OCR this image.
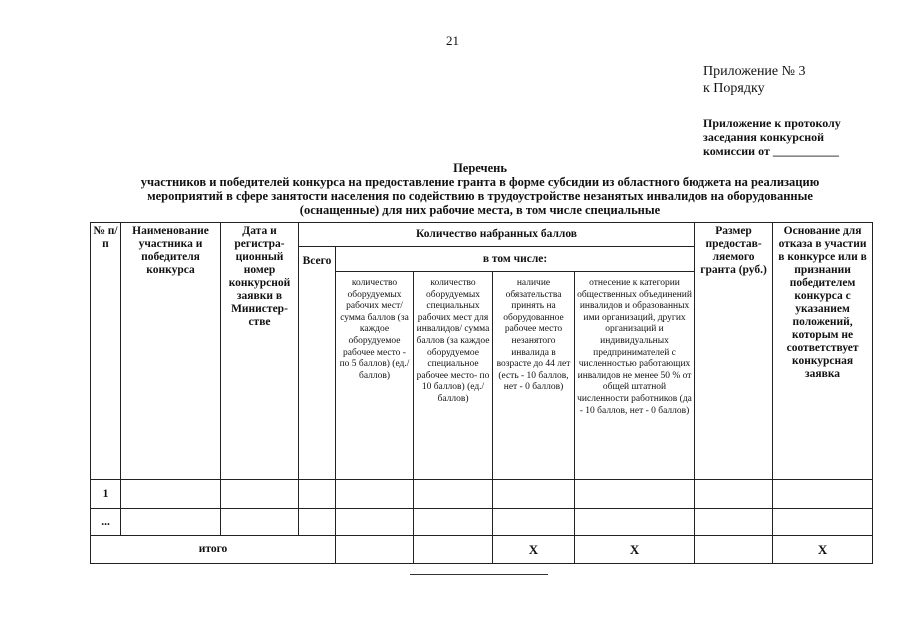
21
Приложение № 3
к Порядку
Приложение к протоколу
заседания конкурсной
комиссии от ___________
Перечень
участников и победителей конкурса на предоставление гранта в форме субсидии из областного бюджета на реализацию
мероприятий в сфере занятости населения по содействию в трудоустройстве незанятых инвалидов на оборудованные
(оснащенные) для них рабочие места, в том числе специальные
№ п/п	Наименование участника и победителя конкурса	Дата и регистра-ционный номер конкурсной заявки в Министер-стве	Количество набранных баллов					Размер предостав-ляемого гранта (руб.)	Основание для отказа в участии в конкурсе или в признании победителем конкурса с указанием положений, которым не соответствует конкурсная заявка
			Всего	в том числе:					
				количество оборудуемых рабочих мест/сумма баллов (за каждое оборудуемое рабочее место - по 5 баллов) (ед./баллов)	количество оборудуемых специальных рабочих мест для инвалидов/ сумма баллов (за каждое оборудуемое специальное рабочее место- по 10 баллов) (ед./баллов)	наличие обязательства принять на оборудованное рабочее место незанятого инвалида в возрасте до 44 лет (есть - 10 баллов, нет - 0 баллов)	отнесение к категории общественных объединений инвалидов и образованных ими организаций, других организаций и индивидуальных предпринимателей с численностью работающих инвалидов не менее 50 % от общей штатной численности работников (да - 10 баллов, нет - 0 баллов)		
1									
...									
итого						Х	Х		Х
